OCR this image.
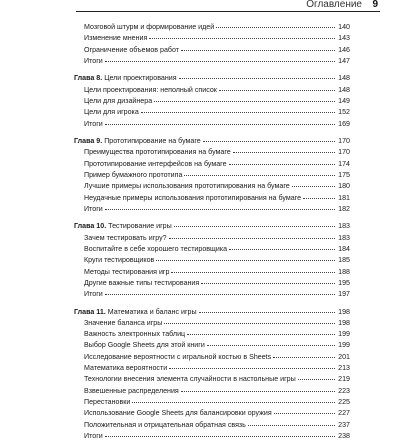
Оглавление 9
Мозговой штурм и формирование идей	140
Изменение мнения	143
Ограничение объемов работ	146
Итоги	147
Глава 8. Цели проектирования	148
Цели проектирования: неполный список	148
Цели для дизайнера	149
Цели для игрока	152
Итоги	169
Глава 9. Прототипирование на бумаге	170
Преимущества прототипирования на бумаге	170
Прототипирование интерфейсов на бумаге	174
Пример бумажного прототипа	175
Лучшие примеры использования прототипирования на бумаге	180
Неудачные примеры использования прототипирования на бумаге	181
Итоги	182
Глава 10. Тестирование игры	183
Зачем тестировать игру?	183
Воспитайте в себе хорошего тестировщика	184
Круги тестировщиков	185
Методы тестирования игр	188
Другие важные типы тестирования	195
Итоги	197
Глава 11. Математика и баланс игры	198
Значение баланса игры	198
Важность электронных таблиц	199
Выбор Google Sheets для этой книги	199
Исследование вероятности с игральной костью в Sheets	201
Математика вероятности	213
Технологии внесения элемента случайности в настольные игры	219
Взвешенные распределения	223
Перестановки	225
Использование Google Sheets для балансировки оружия	227
Положительная и отрицательная обратная связь	237
Итоги	238
